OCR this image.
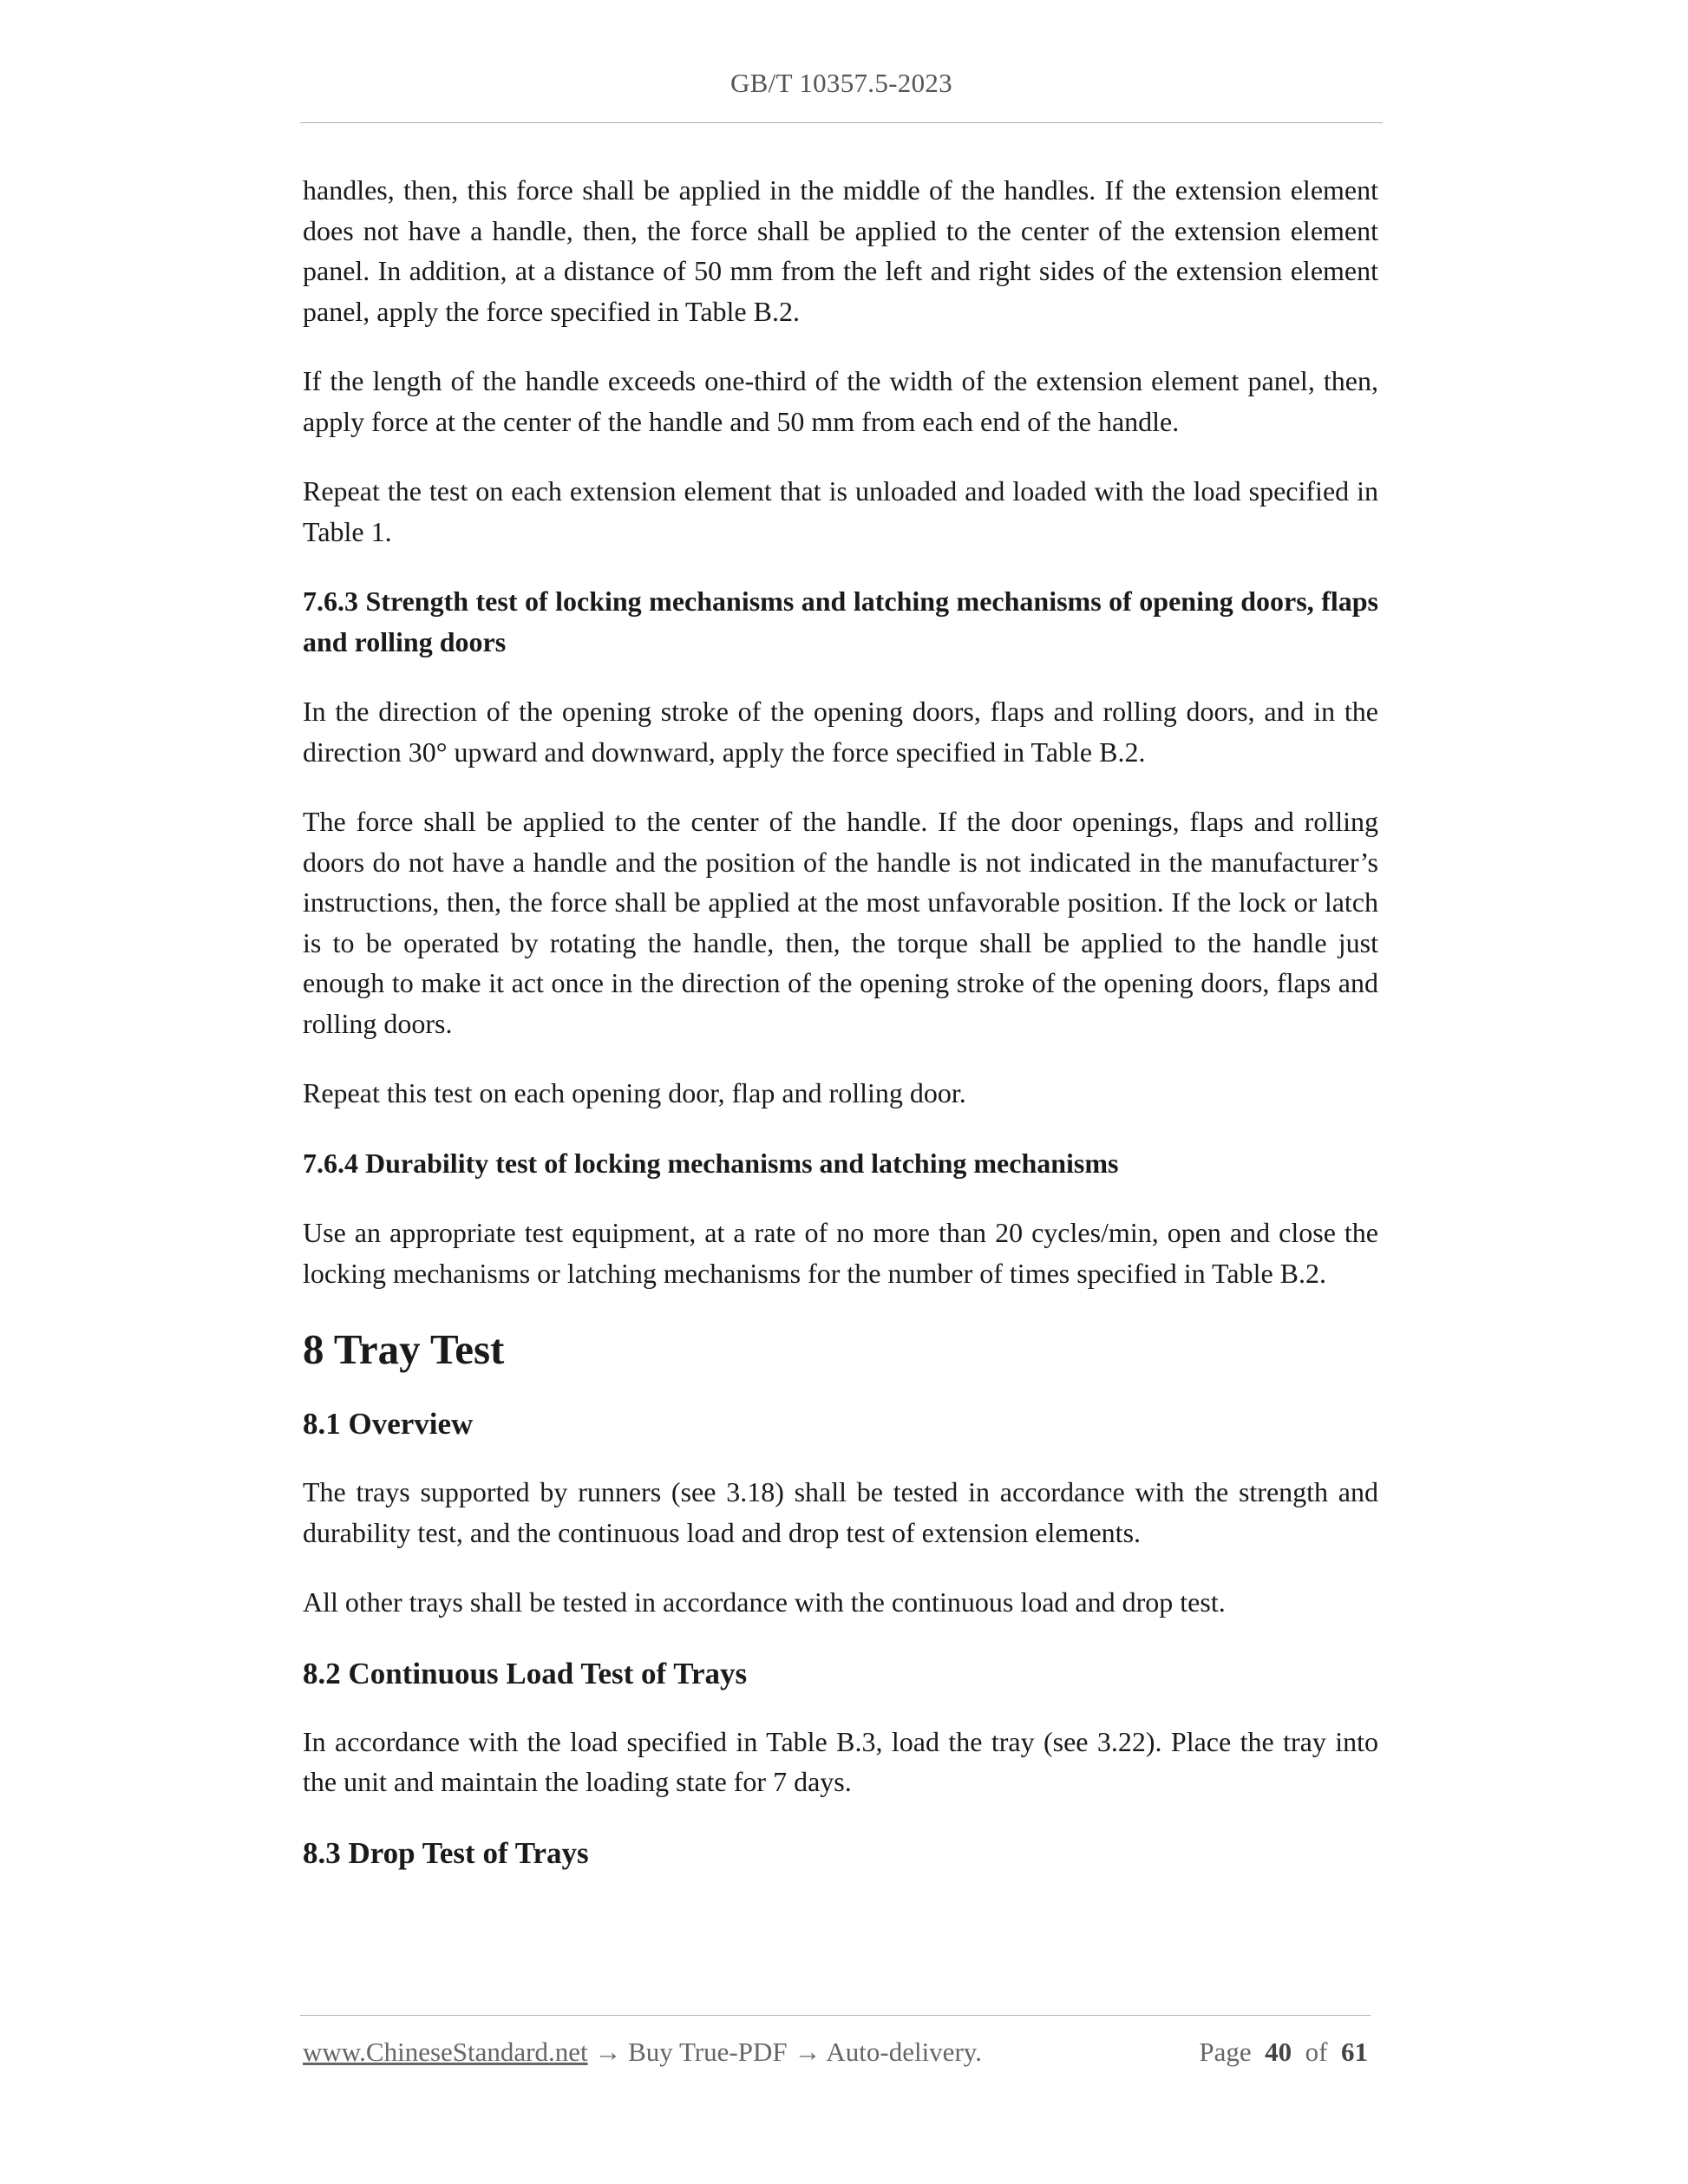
GB/T 10357.5-2023

handles, then, this force shall be applied in the middle of the handles. If the extension element does not have a handle, then, the force shall be applied to the center of the extension element panel. In addition, at a distance of 50 mm from the left and right sides of the extension element panel, apply the force specified in Table B.2.

If the length of the handle exceeds one-third of the width of the extension element panel, then, apply force at the center of the handle and 50 mm from each end of the handle.

Repeat the test on each extension element that is unloaded and loaded with the load specified in Table 1.

7.6.3 Strength test of locking mechanisms and latching mechanisms of opening doors, flaps and rolling doors

In the direction of the opening stroke of the opening doors, flaps and rolling doors, and in the direction 30° upward and downward, apply the force specified in Table B.2.

The force shall be applied to the center of the handle. If the door openings, flaps and rolling doors do not have a handle and the position of the handle is not indicated in the manufacturer’s instructions, then, the force shall be applied at the most unfavorable position. If the lock or latch is to be operated by rotating the handle, then, the torque shall be applied to the handle just enough to make it act once in the direction of the opening stroke of the opening doors, flaps and rolling doors.

Repeat this test on each opening door, flap and rolling door.

7.6.4 Durability test of locking mechanisms and latching mechanisms

Use an appropriate test equipment, at a rate of no more than 20 cycles/min, open and close the locking mechanisms or latching mechanisms for the number of times specified in Table B.2.

8 Tray Test
8.1 Overview

The trays supported by runners (see 3.18) shall be tested in accordance with the strength and durability test, and the continuous load and drop test of extension elements.

All other trays shall be tested in accordance with the continuous load and drop test.

8.2 Continuous Load Test of Trays

In accordance with the load specified in Table B.3, load the tray (see 3.22). Place the tray into the unit and maintain the loading state for 7 days.

8.3 Drop Test of Trays
www.ChineseStandard.net → Buy True-PDF → Auto-delivery.	Page 40 of 61
